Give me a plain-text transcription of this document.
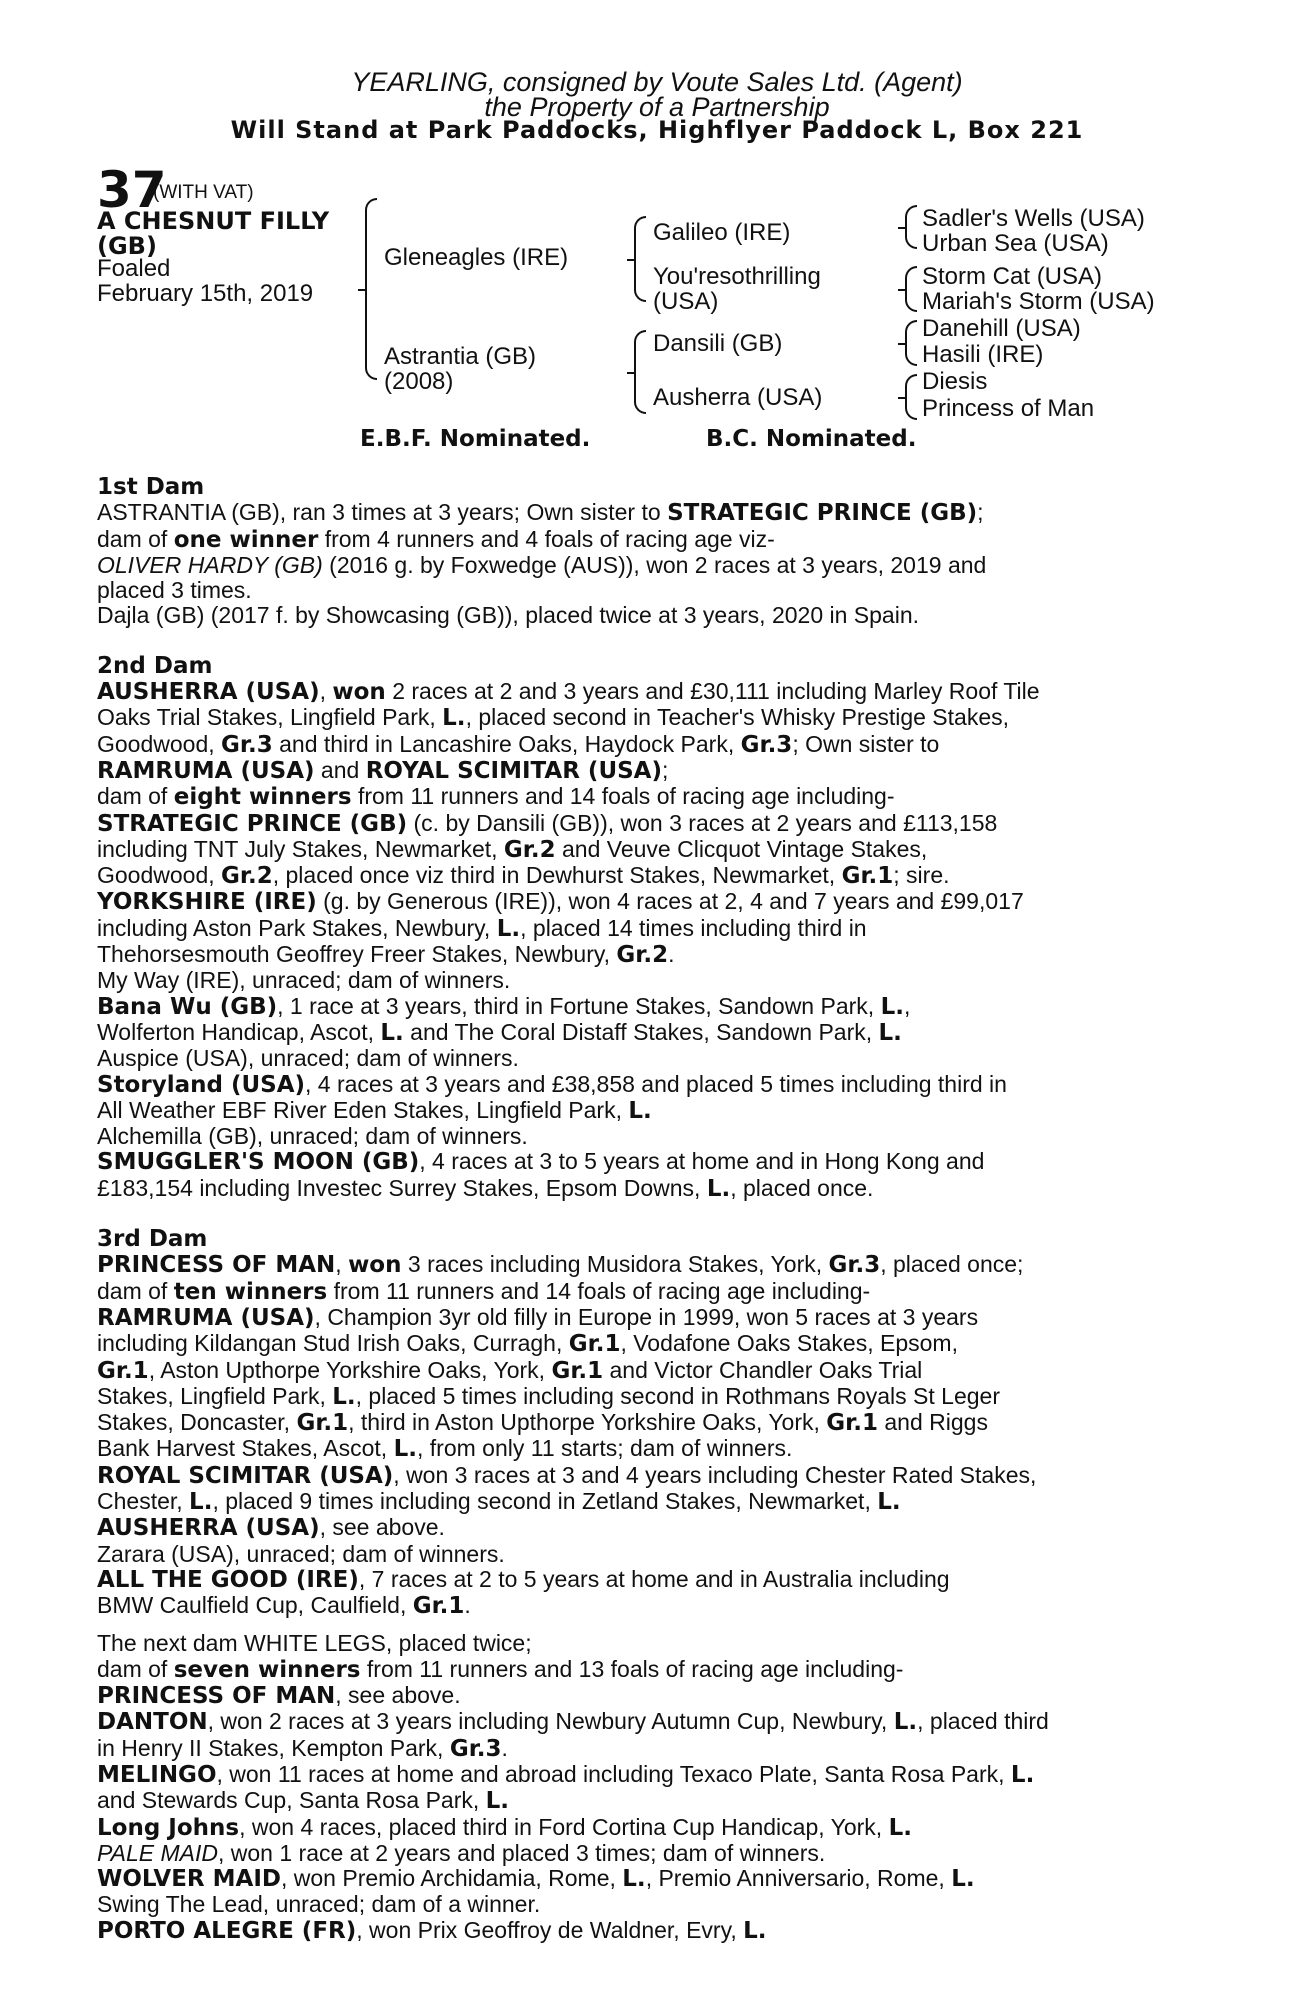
YEARLING, consigned by Voute Sales Ltd. (Agent)
the Property of a Partnership
Will Stand at Park Paddocks, Highflyer Paddock L, Box 221
37
(WITH VAT)
A CHESNUT FILLY
(GB)
Foaled
February 15th, 2019
Gleneagles (IRE)
Astrantia (GB)
(2008)
Galileo (IRE)
You'resothrilling
(USA)
Dansili (GB)
Ausherra (USA)
Sadler's Wells (USA)
Urban Sea (USA)
Storm Cat (USA)
Mariah's Storm (USA)
Danehill (USA)
Hasili (IRE)
Diesis
Princess of Man
E.B.F. Nominated.	B.C. Nominated.

1st Dam

ASTRANTIA (GB), ran 3 times at 3 years; Own sister to STRATEGIC PRINCE (GB);

dam of one winner from 4 runners and 4 foals of racing age viz-

OLIVER HARDY (GB) (2016 g. by Foxwedge (AUS)), won 2 races at 3 years, 2019 and

placed 3 times.

Dajla (GB) (2017 f. by Showcasing (GB)), placed twice at 3 years, 2020 in Spain.

2nd Dam

AUSHERRA (USA), won 2 races at 2 and 3 years and £30,111 including Marley Roof Tile

Oaks Trial Stakes, Lingfield Park, L., placed second in Teacher's Whisky Prestige Stakes,

Goodwood, Gr.3 and third in Lancashire Oaks, Haydock Park, Gr.3; Own sister to

RAMRUMA (USA) and ROYAL SCIMITAR (USA);

dam of eight winners from 11 runners and 14 foals of racing age including-

STRATEGIC PRINCE (GB) (c. by Dansili (GB)), won 3 races at 2 years and £113,158

including TNT July Stakes, Newmarket, Gr.2 and Veuve Clicquot Vintage Stakes,

Goodwood, Gr.2, placed once viz third in Dewhurst Stakes, Newmarket, Gr.1; sire.

YORKSHIRE (IRE) (g. by Generous (IRE)), won 4 races at 2, 4 and 7 years and £99,017

including Aston Park Stakes, Newbury, L., placed 14 times including third in

Thehorsesmouth Geoffrey Freer Stakes, Newbury, Gr.2.

My Way (IRE), unraced; dam of winners.

Bana Wu (GB), 1 race at 3 years, third in Fortune Stakes, Sandown Park, L.,

Wolferton Handicap, Ascot, L. and The Coral Distaff Stakes, Sandown Park, L.

Auspice (USA), unraced; dam of winners.

Storyland (USA), 4 races at 3 years and £38,858 and placed 5 times including third in

All Weather EBF River Eden Stakes, Lingfield Park, L.

Alchemilla (GB), unraced; dam of winners.

SMUGGLER'S MOON (GB), 4 races at 3 to 5 years at home and in Hong Kong and

£183,154 including Investec Surrey Stakes, Epsom Downs, L., placed once.

3rd Dam

PRINCESS OF MAN, won 3 races including Musidora Stakes, York, Gr.3, placed once;

dam of ten winners from 11 runners and 14 foals of racing age including-

RAMRUMA (USA), Champion 3yr old filly in Europe in 1999, won 5 races at 3 years

including Kildangan Stud Irish Oaks, Curragh, Gr.1, Vodafone Oaks Stakes, Epsom,

Gr.1, Aston Upthorpe Yorkshire Oaks, York, Gr.1 and Victor Chandler Oaks Trial

Stakes, Lingfield Park, L., placed 5 times including second in Rothmans Royals St Leger

Stakes, Doncaster, Gr.1, third in Aston Upthorpe Yorkshire Oaks, York, Gr.1 and Riggs

Bank Harvest Stakes, Ascot, L., from only 11 starts; dam of winners.

ROYAL SCIMITAR (USA), won 3 races at 3 and 4 years including Chester Rated Stakes,

Chester, L., placed 9 times including second in Zetland Stakes, Newmarket, L.

AUSHERRA (USA), see above.

Zarara (USA), unraced; dam of winners.

ALL THE GOOD (IRE), 7 races at 2 to 5 years at home and in Australia including

BMW Caulfield Cup, Caulfield, Gr.1.

The next dam WHITE LEGS, placed twice;

dam of seven winners from 11 runners and 13 foals of racing age including-

PRINCESS OF MAN, see above.

DANTON, won 2 races at 3 years including Newbury Autumn Cup, Newbury, L., placed third

in Henry II Stakes, Kempton Park, Gr.3.

MELINGO, won 11 races at home and abroad including Texaco Plate, Santa Rosa Park, L.

and Stewards Cup, Santa Rosa Park, L.

Long Johns, won 4 races, placed third in Ford Cortina Cup Handicap, York, L.

PALE MAID, won 1 race at 2 years and placed 3 times; dam of winners.

WOLVER MAID, won Premio Archidamia, Rome, L., Premio Anniversario, Rome, L.

Swing The Lead, unraced; dam of a winner.

PORTO ALEGRE (FR), won Prix Geoffroy de Waldner, Evry, L.
